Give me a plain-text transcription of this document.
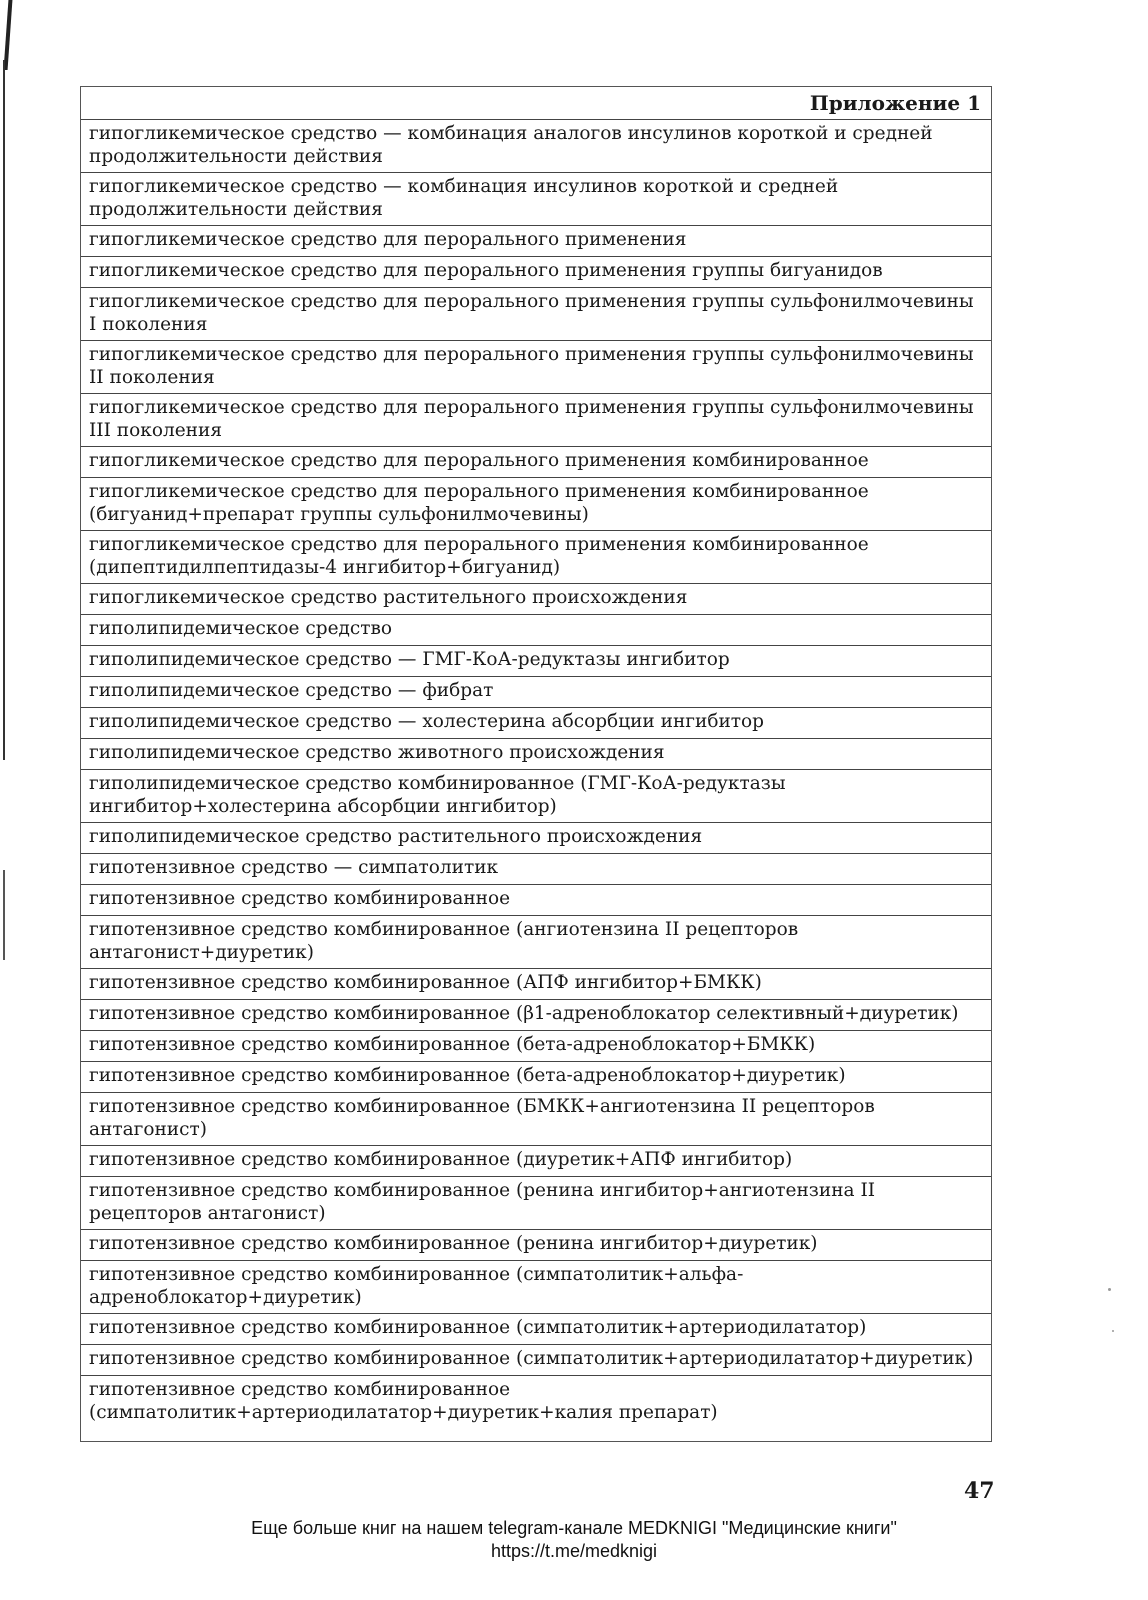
Приложение 1
гипогликемическое средство — комбинация аналогов инсулинов короткой и средней продолжительности действия
гипогликемическое средство — комбинация инсулинов короткой и средней продолжительности действия
гипогликемическое средство для перорального применения
гипогликемическое средство для перорального применения группы бигуанидов
гипогликемическое средство для перорального применения группы сульфонилмочевины I поколения
гипогликемическое средство для перорального применения группы сульфонилмочевины II поколения
гипогликемическое средство для перорального применения группы сульфонилмочевины III поколения
гипогликемическое средство для перорального применения комбинированное
гипогликемическое средство для перорального применения комбинированное (бигуанид+препарат группы сульфонилмочевины)
гипогликемическое средство для перорального применения комбинированное (дипептидилпептидазы-4 ингибитор+бигуанид)
гипогликемическое средство растительного происхождения
гиполипидемическое средство
гиполипидемическое средство — ГМГ-КоА-редуктазы ингибитор
гиполипидемическое средство — фибрат
гиполипидемическое средство — холестерина абсорбции ингибитор
гиполипидемическое средство животного происхождения
гиполипидемическое средство комбинированное (ГМГ-КоА-редуктазы ингибитор+холестерина абсорбции ингибитор)
гиполипидемическое средство растительного происхождения
гипотензивное средство — симпатолитик
гипотензивное средство комбинированное
гипотензивное средство комбинированное (ангиотензина II рецепторов антагонист+диуретик)
гипотензивное средство комбинированное (АПФ ингибитор+БМКК)
гипотензивное средство комбинированное (β1-адреноблокатор селективный+диуретик)
гипотензивное средство комбинированное (бета-адреноблокатор+БМКК)
гипотензивное средство комбинированное (бета-адреноблокатор+диуретик)
гипотензивное средство комбинированное (БМКК+ангиотензина II рецепторов антагонист)
гипотензивное средство комбинированное (диуретик+АПФ ингибитор)
гипотензивное средство комбинированное (ренина ингибитор+ангиотензина II рецепторов антагонист)
гипотензивное средство комбинированное (ренина ингибитор+диуретик)
гипотензивное средство комбинированное (симпатолитик+альфа-адреноблокатор+диуретик)
гипотензивное средство комбинированное (симпатолитик+артериодилататор)
гипотензивное средство комбинированное (симпатолитик+артериодилататор+диуретик)
гипотензивное средство комбинированное (симпатолитик+артериодилататор+диуретик+калия препарат)
47
Еще больше книг на нашем telegram-канале MEDKNIGI "Медицинские книги"
https://t.me/medknigi
